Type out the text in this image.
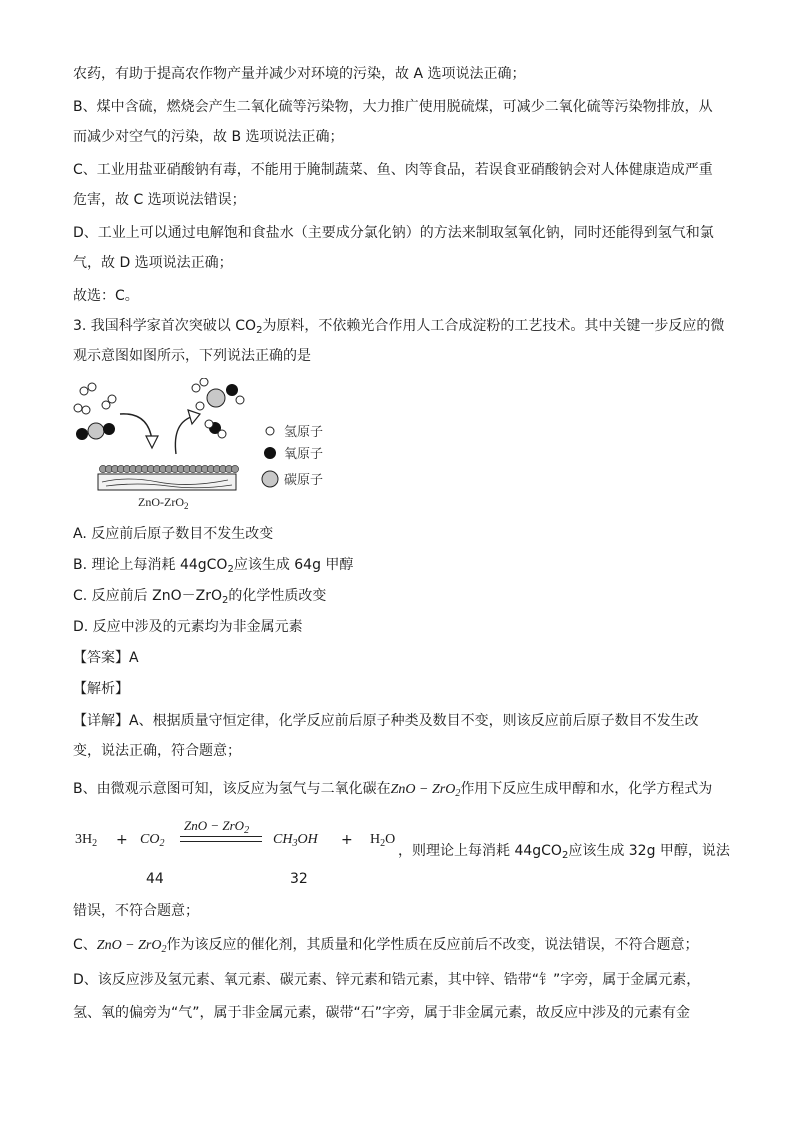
农药，有助于提高农作物产量并减少对环境的污染，故 A 选项说法正确；
B、煤中含硫，燃烧会产生二氧化硫等污染物，大力推广使用脱硫煤，可减少二氧化硫等污染物排放，从
而减少对空气的污染，故 B 选项说法正确；
C、工业用盐亚硝酸钠有毒，不能用于腌制蔬菜、鱼、肉等食品，若误食亚硝酸钠会对人体健康造成严重
危害，故 C 选项说法错误；
D、工业上可以通过电解饱和食盐水（主要成分氯化钠）的方法来制取氢氧化钠，同时还能得到氢气和氯
气，故 D 选项说法正确；
故选：C。
3. 我国科学家首次突破以 $CO_2$为原料，不依赖光合作用人工合成淀粉的工艺技术。其中关键一步反应的微
观示意图如图所示，下列说法正确的是
氢原子
氧原子
碳原子
ZnO-ZrO$_2$
A. 反应前后原子数目不发生改变
B. 理论上每消耗 44gCO$_2$应该生成 64g 甲醇
C. 反应前后 ZnO－ZrO$_2$的化学性质改变
D. 反应中涉及的元素均为非金属元素
【答案】A
【解析】
【详解】A、根据质量守恒定律，化学反应前后原子种类及数目不变，则该反应前后原子数目不发生改
变，说法正确，符合题意；
B、由微观示意图可知，该反应为氢气与二氧化碳在ZnO − ZrO$_2$作用下反应生成甲醇和水，化学方程式为
$3H_2 + CO_2$
ZnO − ZrO$_2$
$CH_3OH + H_2O$
，则理论上每消耗 44gCO$_2$应该生成 32g 甲醇，说法
44	32
错误，不符合题意；
C、ZnO − ZrO$_2$作为该反应的催化剂，其质量和化学性质在反应前后不改变，说法错误，不符合题意；
D、该反应涉及氢元素、氧元素、碳元素、锌元素和锆元素，其中锌、锆带“钅”字旁，属于金属元素，
氢、氧的偏旁为“气”，属于非金属元素，碳带“石”字旁，属于非金属元素，故反应中涉及的元素有金
